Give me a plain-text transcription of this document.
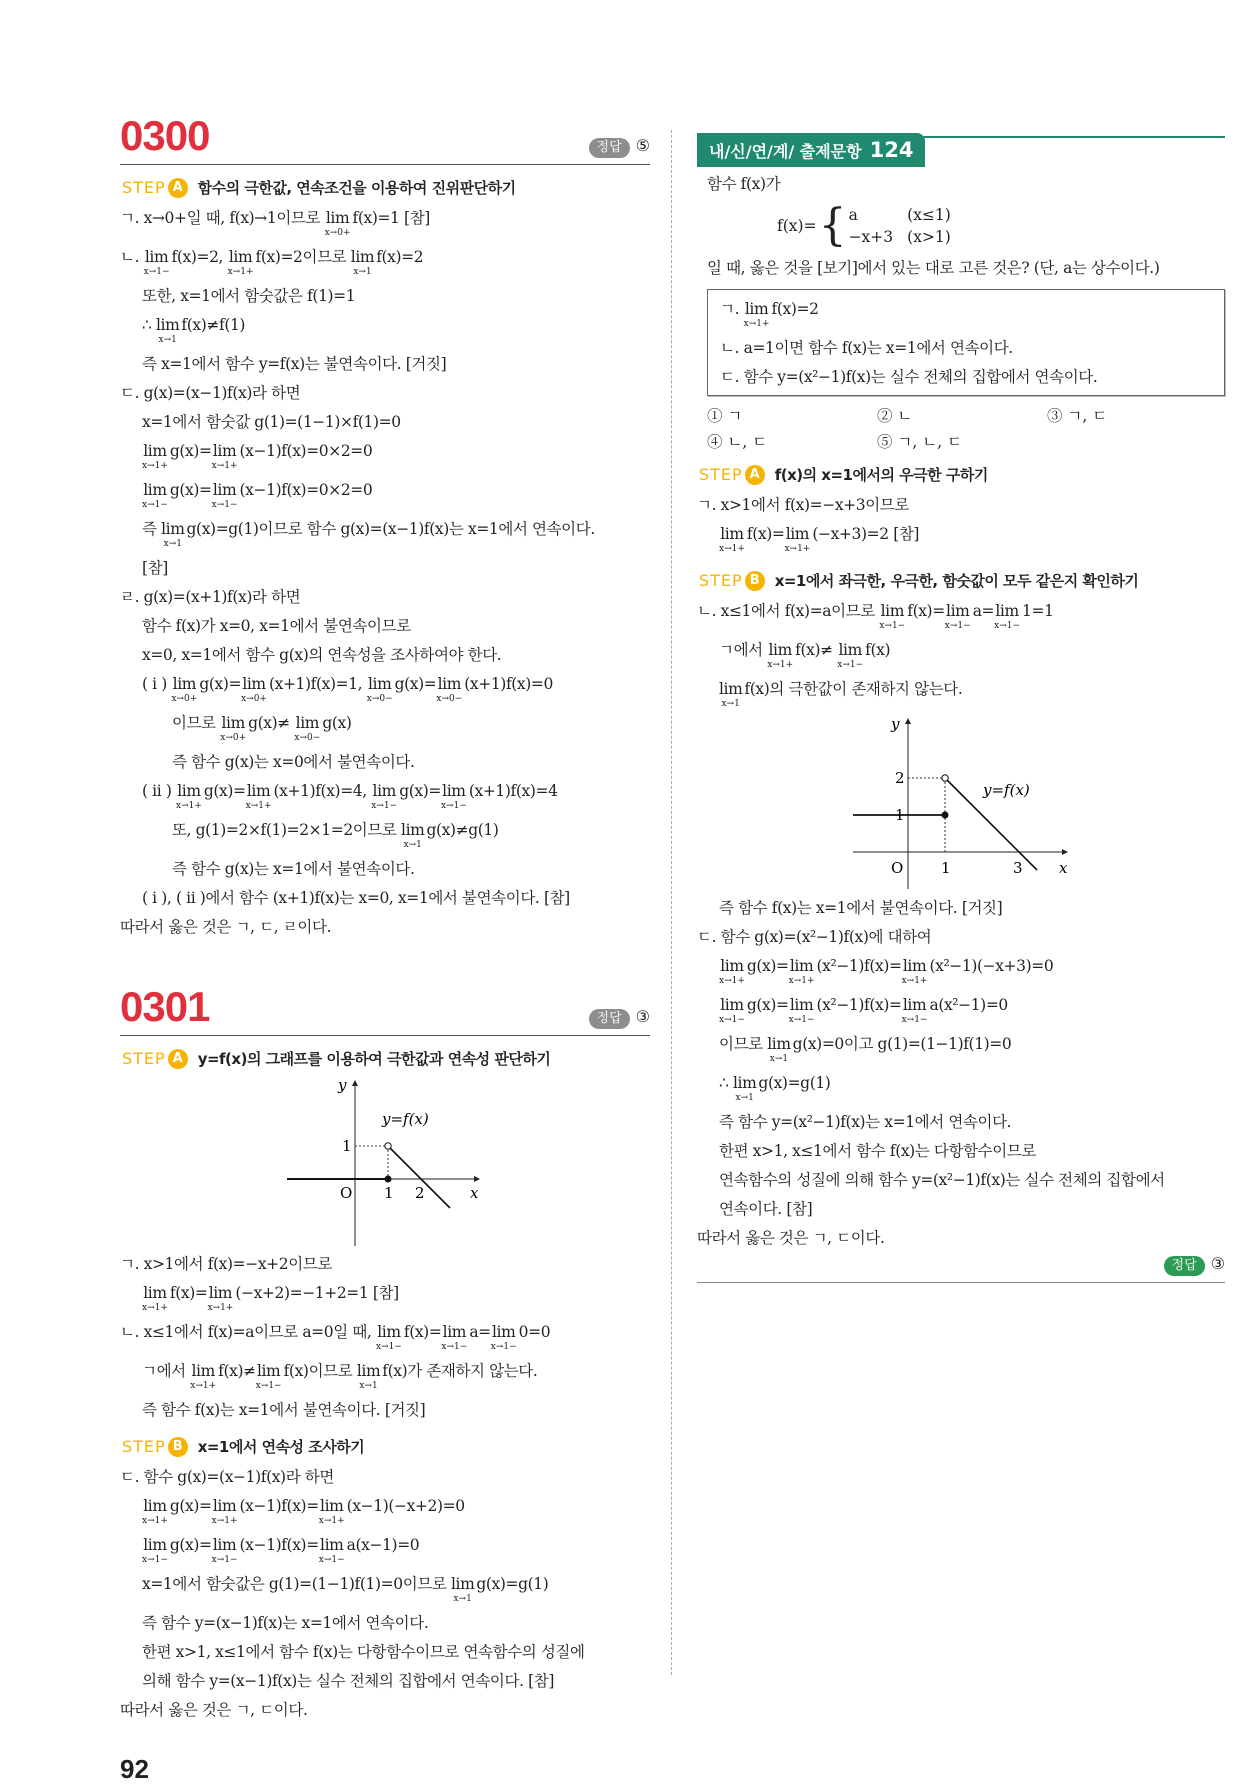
0300	정답 ⑤
STEP A 함수의 극한값, 연속조건을 이용하여 진위판단하기
ㄱ. x→0+일 때, f(x)→1이므로 lim
x→0+
f(x)=1 [참]
ㄴ. lim
x→1−
f(x)=2, lim
x→1+
f(x)=2이므로 lim
x→1
f(x)=2
또한, x=1에서 함숫값은 f(1)=1
∴ lim
x→1
f(x)≠f(1)
즉 x=1에서 함수 y=f(x)는 불연속이다. [거짓]
ㄷ. g(x)=(x−1)f(x)라 하면
x=1에서 함숫값 g(1)=(1−1)×f(1)=0
lim
x→1+
g(x)= lim
x→1+
(x−1)f(x)=0×2=0
lim
x→1−
g(x)= lim
x→1−
(x−1)f(x)=0×2=0
즉 lim
x→1
g(x)=g(1)이므로 함수 g(x)=(x−1)f(x)는 x=1에서 연속이다.
[참]
ㄹ. g(x)=(x+1)f(x)라 하면
함수 f(x)가 x=0, x=1에서 불연속이므로
x=0, x=1에서 함수 g(x)의 연속성을 조사하여야 한다.
( i ) lim
x→0+
g(x)= lim
x→0+
(x+1)f(x)=1, lim
x→0−
g(x)= lim
x→0−
(x+1)f(x)=0
이므로 lim
x→0+
g(x)≠ lim
x→0−
g(x)
즉 함수 g(x)는 x=0에서 불연속이다.
( ii ) lim
x→1+
g(x)= lim
x→1+
(x+1)f(x)=4, lim
x→1−
g(x)= lim
x→1−
(x+1)f(x)=4
또, g(1)=2×f(1)=2×1=2이므로 lim
x→1
g(x)≠g(1)
즉 함수 g(x)는 x=1에서 불연속이다.
( i ), ( ii )에서 함수 (x+1)f(x)는 x=0, x=1에서 불연속이다. [참]
따라서 옳은 것은 ㄱ, ㄷ, ㄹ이다.
0301	정답 ③
STEP A y=f(x)의 그래프를 이용하여 극한값과 연속성 판단하기
O 1 2
1
x
y
y=f(x)
ㄱ. x>1에서 f(x)=−x+2이므로
lim
x→1+
f(x)= lim
x→1+
(−x+2)=−1+2=1 [참]
ㄴ. x≤1에서 f(x)=a이므로 a=0일 때, lim
x→1−
f(x)= lim
x→1−
a= lim
x→1−
0=0
ㄱ에서 lim
x→1+
f(x)≠ lim
x→1−
f(x)이므로 lim
x→1
f(x)가 존재하지 않는다.
즉 함수 f(x)는 x=1에서 불연속이다. [거짓]
STEP B	x=1에서 연속성 조사하기
ㄷ. 함수 g(x)=(x−1)f(x)라 하면
lim
x→1+
g(x)= lim
x→1+
(x−1)f(x)= lim
x→1+
(x−1)(−x+2)=0
lim
x→1−
g(x)= lim
x→1−
(x−1)f(x)= lim
x→1−
a(x−1)=0
x=1에서 함숫값은 g(1)=(1−1)f(1)=0이므로 lim
x→1
g(x)=g(1)
즉 함수 y=(x−1)f(x)는 x=1에서 연속이다.
한편 x>1, x≤1에서 함수 f(x)는 다항함수이므로 연속함수의 성질에
의해 함수 y=(x−1)f(x)는 실수 전체의 집합에서 연속이다. [참]
따라서 옳은 것은 ㄱ, ㄷ이다.
92
내/신/연/계/ 출제문항 124
함수 f(x)가
f(x)= { a	(x≤1)
−x+3	(x>1)
일 때, 옳은 것을 [보기]에서 있는 대로 고른 것은? (단, a는 상수이다.)
ㄱ. lim
x→1+
f(x)=2
ㄴ. a=1이면 함수 f(x)는 x=1에서 연속이다.
ㄷ. 함수 y=(x²−1)f(x)는 실수 전체의 집합에서 연속이다.
① ㄱ	② ㄴ	③ ㄱ, ㄷ
④ ㄴ, ㄷ	⑤ ㄱ, ㄴ, ㄷ
STEP A f(x)의 x=1에서의 우극한 구하기
ㄱ. x>1에서 f(x)=−x+3이므로
lim
x→1+
f(x)= lim
x→1+
(−x+3)=2 [참]
STEP B	x=1에서 좌극한, 우극한, 함숫값이 모두 같은지 확인하기
ㄴ. x≤1에서 f(x)=a이므로 lim
x→1−
f(x)= lim
x→1−
a= lim
x→1−
1=1
ㄱ에서 lim
x→1+
f(x)≠ lim
x→1−
f(x)
lim
x→1
f(x)의 극한값이 존재하지 않는다.
O	1	3
1
2
x
y
y=f(x)
즉 함수 f(x)는 x=1에서 불연속이다. [거짓]
ㄷ. 함수 g(x)=(x²−1)f(x)에 대하여
lim
x→1+
g(x)= lim
x→1+
(x²−1)f(x)= lim
x→1+
(x²−1)(−x+3)=0
lim
x→1−
g(x)= lim
x→1−
(x²−1)f(x)= lim
x→1−
a(x²−1)=0
이므로 lim
x→1
g(x)=0이고 g(1)=(1−1)f(1)=0
∴ lim
x→1
g(x)=g(1)
즉 함수 y=(x²−1)f(x)는 x=1에서 연속이다.
한편 x>1, x≤1에서 함수 f(x)는 다항함수이므로
연속함수의 성질에 의해 함수 y=(x²−1)f(x)는 실수 전체의 집합에서
연속이다. [참]
따라서 옳은 것은 ㄱ, ㄷ이다.
정답 ③
